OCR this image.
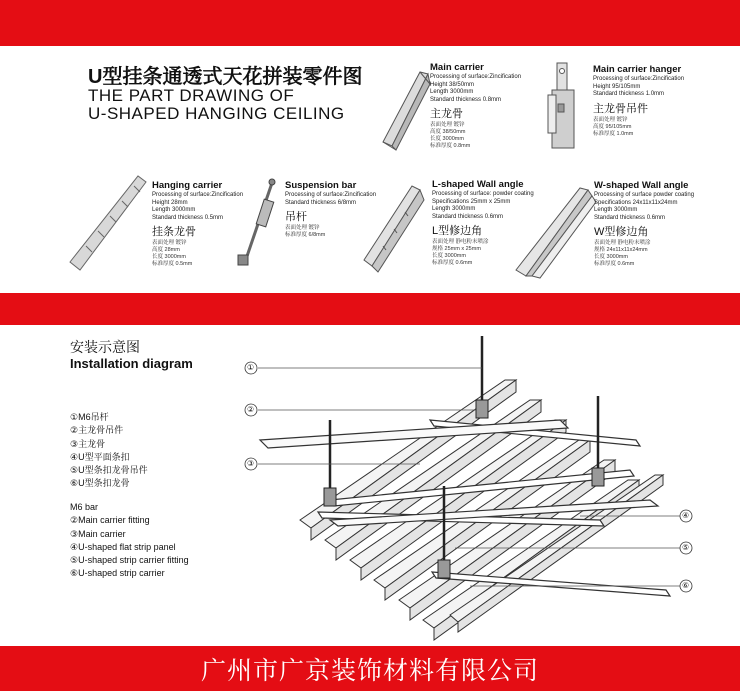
①
②
③
④
⑤
⑥
U型挂条通透式天花拼装零件图
THE PART DRAWING OF
U-SHAPED HANGING CEILING
Main carrier
Processing of surface:Zincification
Height 38/50mm
Length 3000mm
Standard thickness 0.8mm
主龙骨
表面处理 镀锌
高度 38/50mm
长度 3000mm
标准厚度 0.8mm
Main carrier hanger
Processing of surface:Zincification
Height 95/105mm
Standard thickness 1.0mm
主龙骨吊件
表面处理 镀锌
高度 95/105mm
标准厚度 1.0mm
Hanging carrier
Processing of surface:Zincification
Height 28mm
Length 3000mm
Standard thickness 0.5mm
挂条龙骨
表面处理 镀锌
高度 28mm
长度 3000mm
标准厚度 0.5mm
Suspension bar
Processing of surface:Zincification
Standard thickness 6/8mm
吊杆
表面处理 镀锌
标准厚度 6/8mm
L-shaped Wall angle
Processing of surface: powder coating
Specifications 25mm x 25mm
Length 3000mm
Standard thickness 0.6mm
L型修边角
表面处理 静电粉末喷涂
规格 25mm x 25mm
长度 3000mm
标准厚度 0.6mm
W-shaped Wall angle
Processing of surface powder coating
Specifications 24x11x11x24mm
Length 3000mm
Standard thickness 0.6mm
W型修边角
表面处理 静电粉末喷涂
规格 24x11x11x24mm
长度 3000mm
标准厚度 0.6mm
安装示意图
Installation diagram
①M6吊杆
②主龙骨吊件
③主龙骨
④U型平面条扣
⑤U型条扣龙骨吊件
⑥U型条扣龙骨
M6 bar
②Main carrier fitting
③Main carrier
④U-shaped flat strip panel
⑤U-shaped strip carrier fitting
⑥U-shaped strip carrier
广州市广京装饰材料有限公司
